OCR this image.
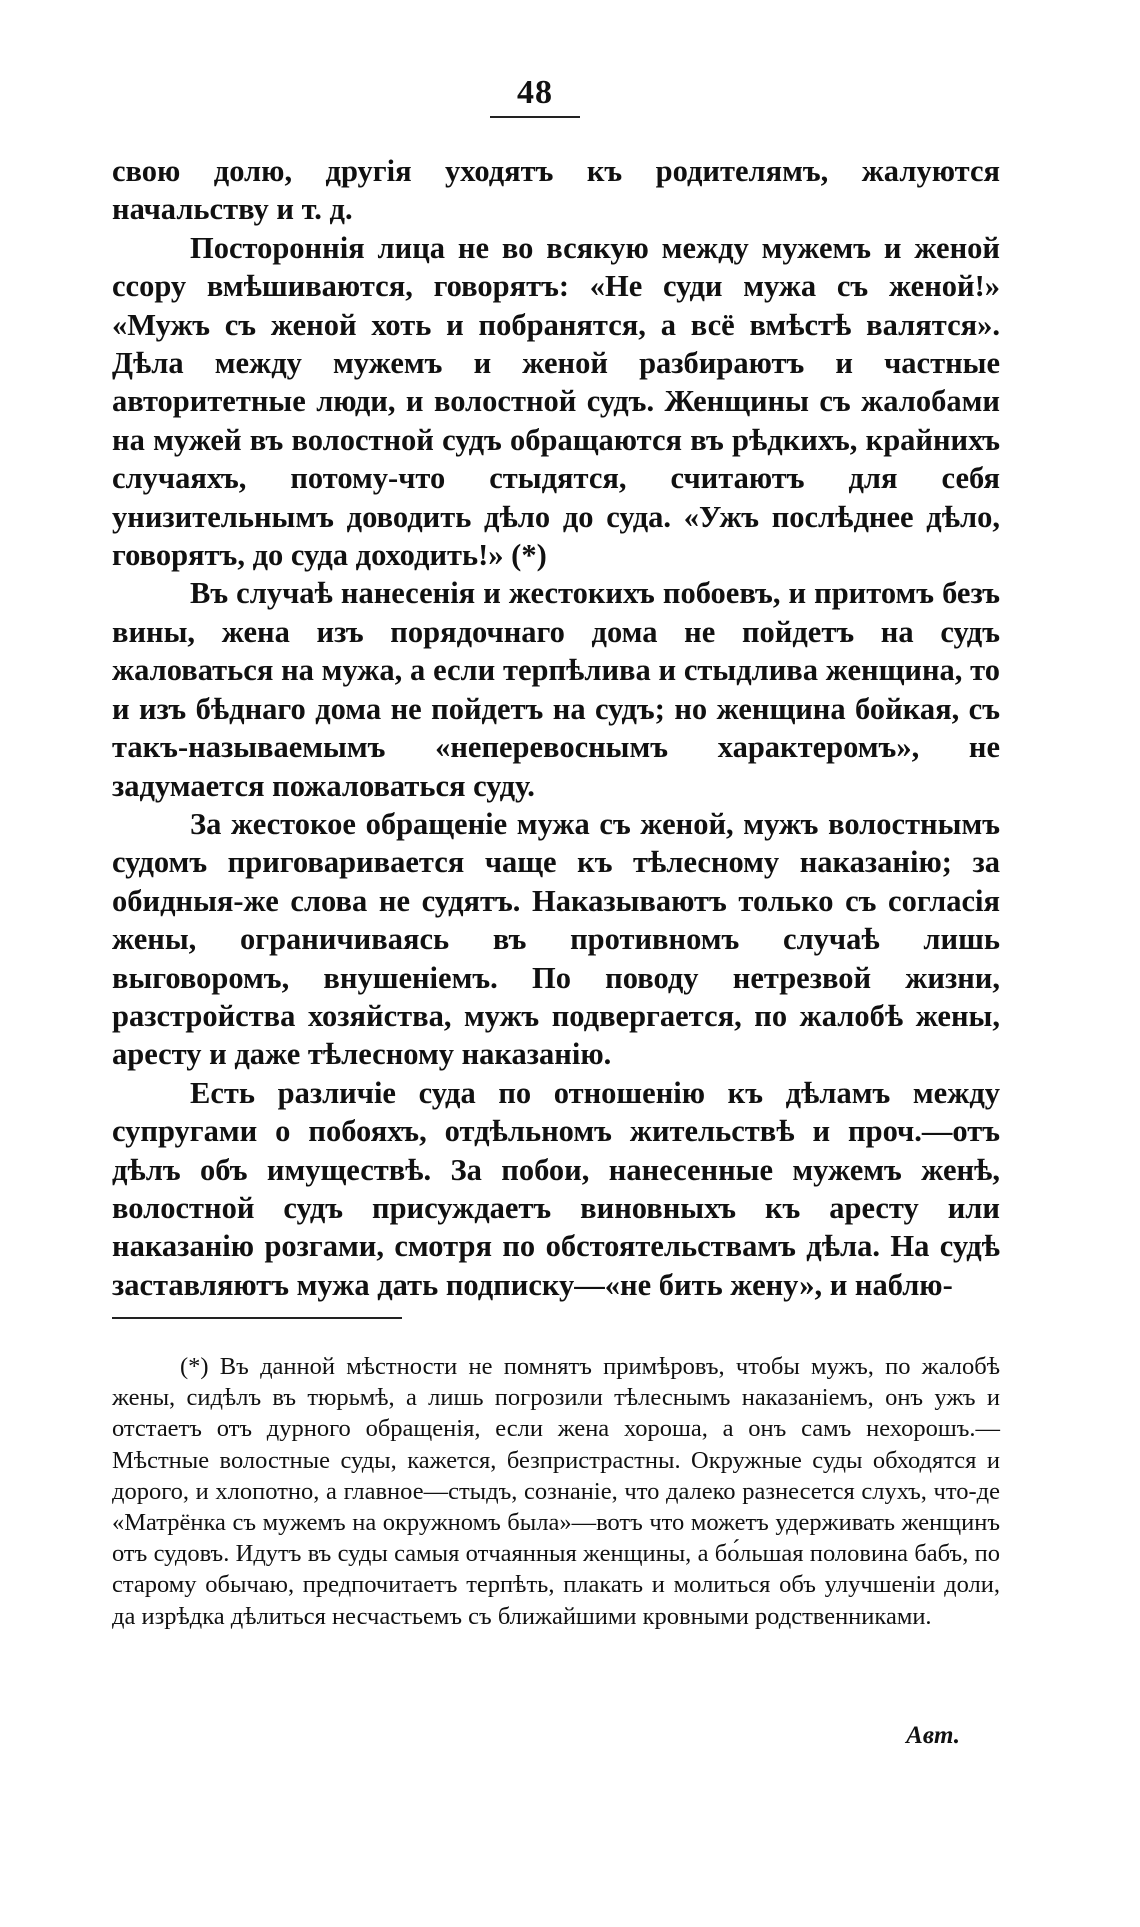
48

свою долю, другія уходятъ къ родителямъ, жалуются начальству и т. д.

Постороннія лица не во всякую между мужемъ и женой ссору вмѣшиваются, говорятъ: «Не суди мужа съ женой!» «Мужъ съ женой хоть и побранятся, а всё вмѣстѣ валятся». Дѣла между мужемъ и женой разбираютъ и частные авторитетные люди, и волостной судъ. Женщины съ жалобами на мужей въ волостной судъ обращаются въ рѣдкихъ, крайнихъ случаяхъ, потому-что стыдятся, считаютъ для себя унизительнымъ доводить дѣло до суда. «Ужъ послѣднее дѣло, говорятъ, до суда доходить!» (*)

Въ случаѣ нанесенія и жестокихъ побоевъ, и притомъ безъ вины, жена изъ порядочнаго дома не пойдетъ на судъ жаловаться на мужа, а если терпѣлива и стыдлива женщина, то и изъ бѣднаго дома не пойдетъ на судъ; но женщина бойкая, съ такъ-называемымъ «неперевоснымъ характеромъ», не задумается пожаловаться суду.

За жестокое обращеніе мужа съ женой, мужъ волостнымъ судомъ приговаривается чаще къ тѣлесному наказанію; за обидныя-же слова не судятъ. Наказываютъ только съ согласія жены, ограничиваясь въ противномъ случаѣ лишь выговоромъ, внушеніемъ. По поводу нетрезвой жизни, разстройства хозяйства, мужъ подвергается, по жалобѣ жены, аресту и даже тѣлесному наказанію.

Есть различіе суда по отношенію къ дѣламъ между супругами о побояхъ, отдѣльномъ жительствѣ и проч.—отъ дѣлъ объ имуществѣ. За побои, нанесенные мужемъ женѣ, волостной судъ присуждаетъ виновныхъ къ аресту или наказанію розгами, смотря по обстоятельствамъ дѣла. На судѣ заставляютъ мужа дать подписку—«не бить жену», и наблю-

(*) Въ данной мѣстности не помнятъ примѣровъ, чтобы мужъ, по жалобѣ жены, сидѣлъ въ тюрьмѣ, а лишь погрозили тѣлеснымъ наказаніемъ, онъ ужъ и отстаетъ отъ дурного обращенія, если жена хороша, а онъ самъ нехорошъ.—Мѣстные волостные суды, кажется, безпристрастны. Окружные суды обходятся и дорого, и хлопотно, а главное—стыдъ, сознаніе, что далеко разнесется слухъ, что-де «Матрёнка съ мужемъ на окружномъ была»—вотъ что можетъ удерживать женщинъ отъ судовъ. Идутъ въ суды самыя отчаянныя женщины, а бо́льшая половина бабъ, по старому обычаю, предпочитаетъ терпѣть, плакать и молиться объ улучшеніи доли, да изрѣдка дѣлиться несчастьемъ съ ближайшими кровными родственниками.

Авт.
